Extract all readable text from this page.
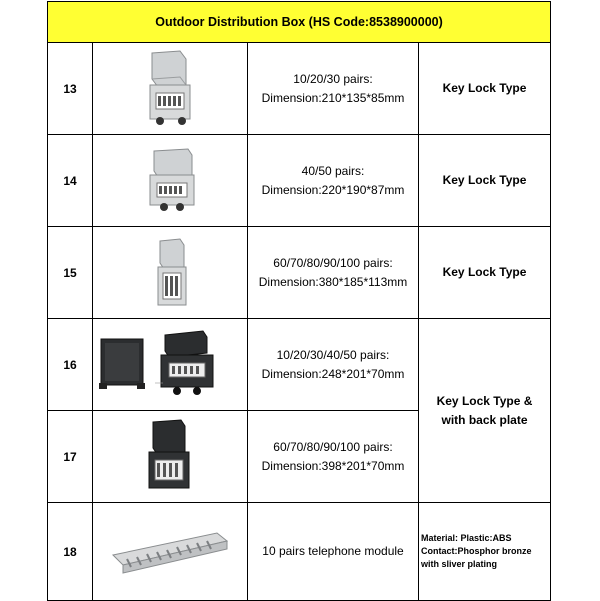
Outdoor Distribution Box (HS Code:8538900000)			
13		10/20/30 pairs:
Dimension:210*135*85mm	Key Lock Type
14		40/50 pairs:
Dimension:220*190*87mm	Key Lock Type
15		60/70/80/90/100 pairs:
Dimension:380*185*113mm	Key Lock Type
16		10/20/30/40/50 pairs:
Dimension:248*201*70mm	Key Lock Type &
with back plate

17		60/70/80/90/100 pairs:
Dimension:398*201*70mm	

18		10 pairs telephone module	Material: Plastic:ABS
Contact:Phosphor bronze
with sliver plating
